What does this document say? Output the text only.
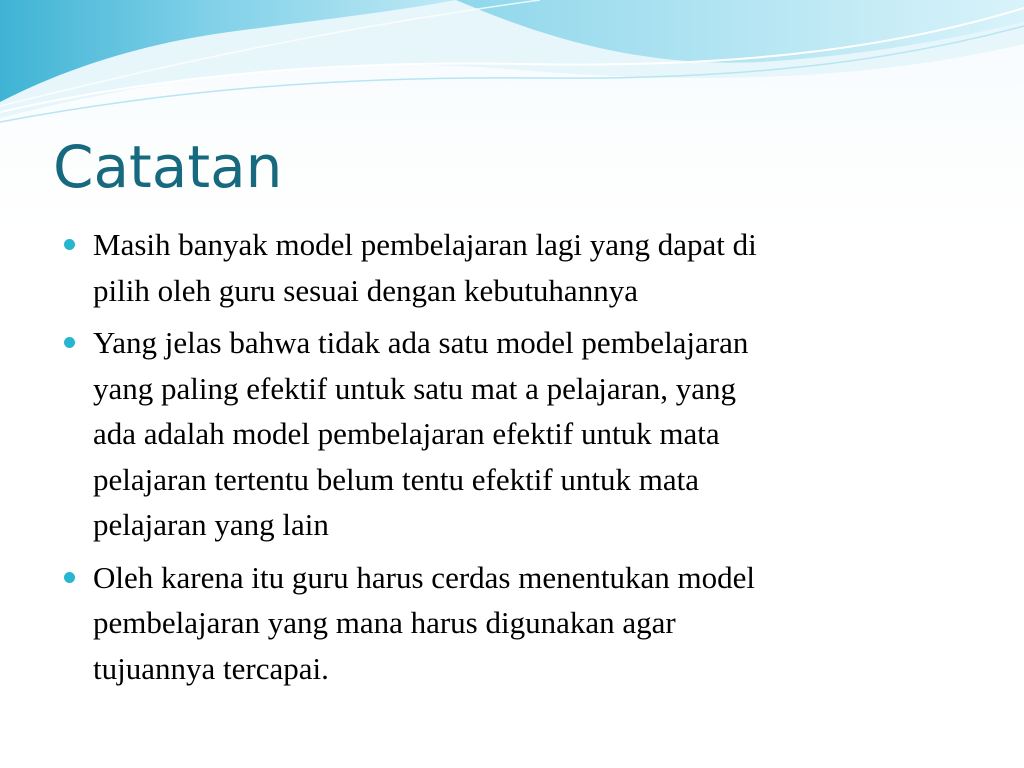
Catatan
Masih banyak model pembelajaran lagi yang dapat di
pilih oleh guru sesuai dengan kebutuhannya
Yang jelas bahwa tidak ada satu model pembelajaran
yang paling efektif untuk satu mat a pelajaran, yang
ada adalah model pembelajaran efektif untuk mata
pelajaran tertentu belum tentu efektif untuk mata
pelajaran yang lain
Oleh karena itu guru harus cerdas menentukan model
pembelajaran yang mana harus digunakan agar
tujuannya tercapai.
